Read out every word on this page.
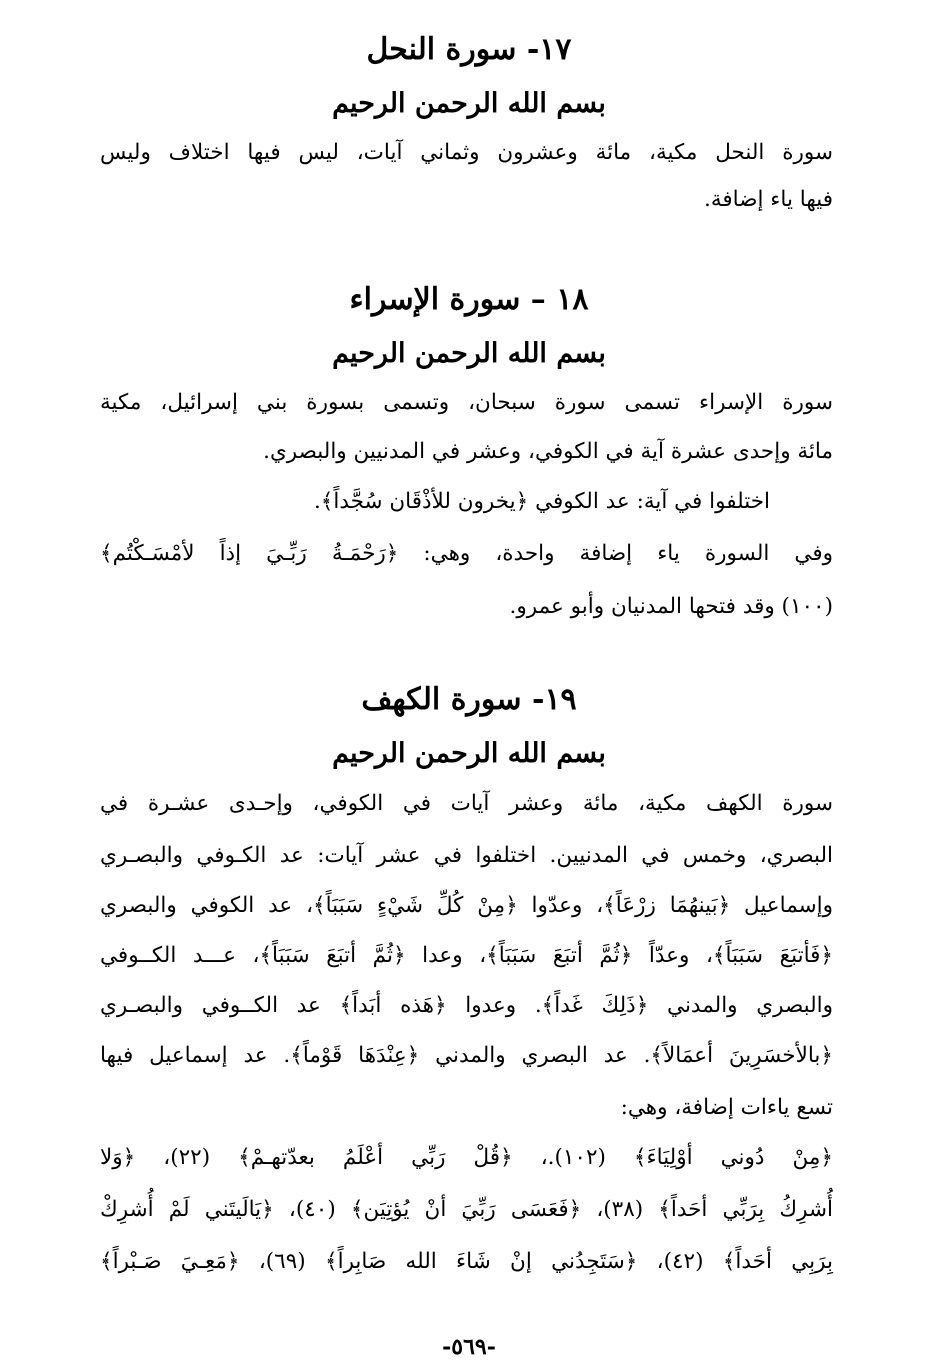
١٧- سورة النحل
بسم الله الرحمن الرحيم
سورة النحل مكية، مائة وعشرون وثماني آيات، ليس فيها اختلاف وليس
فيها ياء إضافة.
١٨ – سورة الإسراء
بسم الله الرحمن الرحيم
سورة الإسراء تسمى سورة سبحان، وتسمى بسورة بني إسرائيل، مكية
مائة وإحدى عشرة آية في الكوفي، وعشر في المدنيين والبصري.
اختلفوا في آية: عد الكوفي ﴿يخرون للأذْقَان سُجَّداً﴾.
وفي السورة ياء إضافة واحدة، وهي: ﴿رَحْمَـةُ رَبِّـيَ إذاً لأمْسَـكْتُم﴾
(١٠٠) وقد فتحها المدنيان وأبو عمرو.
١٩- سورة الكهف
بسم الله الرحمن الرحيم
سورة الكهف مكية، مائة وعشر آيات في الكوفي، وإحـدى عشـرة في
البصري، وخمس في المدنيين. اختلفوا في عشر آيات: عد الكـوفي والبصـري
وإسماعيل ﴿بَينهُمَا زرْعَاً﴾، وعدّوا ﴿مِنْ كُلِّ شَيْءٍ سَبَبَاً﴾، عد الكوفي والبصري
﴿فَأتبَعَ سَبَبَاً﴾، وعدّاً ﴿ثُمَّ أتبَعَ سَبَبَاً﴾، وعدا ﴿ثُمَّ أتبَعَ سَبَبَاً﴾، عـــد الكــوفي
والبصري والمدني ﴿ذَلِكَ غَداً﴾. وعدوا ﴿هَذه أبَداً﴾ عد الكــوفي والبصـري
﴿بالأخسَرِينَ أعمَالاً﴾. عد البصري والمدني ﴿عِنْدَهَا قَوْماً﴾. عد إسماعيل فيها
تسع ياءات إضافة، وهي:
﴿مِنْ دُوني أوْلِيَاءَ﴾ (١٠٢).، ﴿قُلْ رَبِّي أعْلَمُ بعدّتهـمْ﴾ (٢٢)، ﴿وَلا
أُشرِكُ بِرَبِّي أحَداً﴾ (٣٨)، ﴿فَعَسَى رَبِّيَ أنْ يُؤتِيَن﴾ (٤٠)، ﴿يَالَيتَني لَمْ أُشرِكْ
بِرَبِي أحَداً﴾ (٤٢)، ﴿سَتَجِدُني إنْ شَاءَ الله صَابِراً﴾ (٦٩)، ﴿مَعِـيَ صَـبْراً﴾
-٥٦٩-
